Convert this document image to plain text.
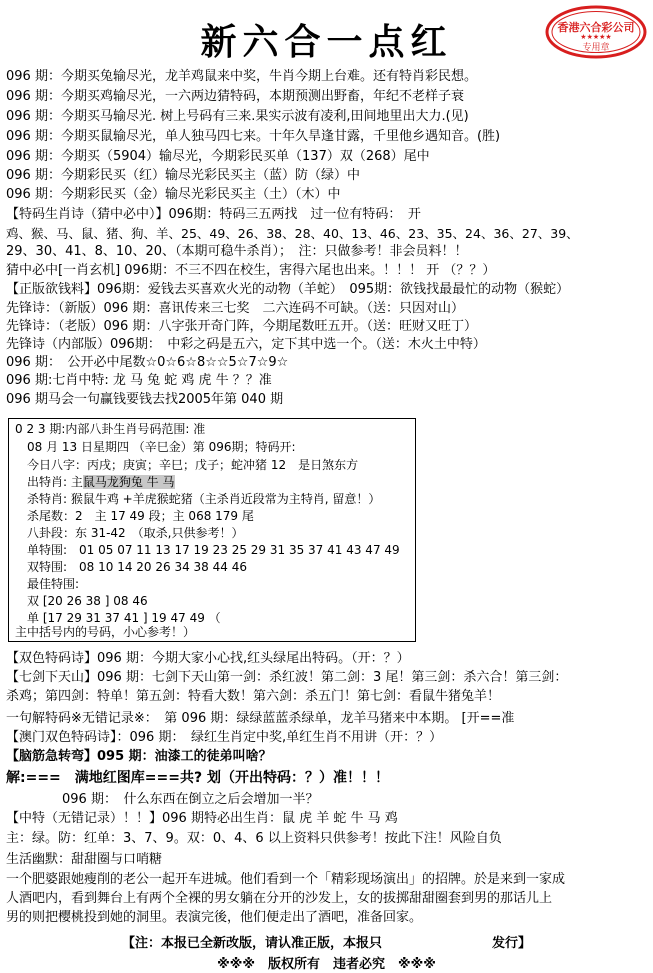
新六合一点红	香港六合彩公司
★★★★★
专用章
096 期：今期买兔输尽光，龙羊鸡鼠来中奖，牛肖今期上台难。还有特肖彩民想。
096 期：今期买鸡输尽光，一六两边猜特码，本期预测出野畜，年纪不老样子衰
096 期：今期买马输尽光. 树上号码有三来.果实示波有凌利,田间地里出大力.(见)
096 期：今期买鼠输尽光，单人独马四七来。十年久旱逢甘露，千里他乡遇知音。(胜)
096 期：今期买（5904）输尽光，今期彩民买单（137）双（268）尾中
096 期：今期彩民买（红）输尽光彩民买主（蓝）防（绿）中
096 期：今期彩民买（金）输尽光彩民买主（土）（木）中
【特码生肖诗（猜中必中）】096期：特码三五两找　过一位有特码：　开
鸡、猴、马、鼠、猪、狗、羊、25、49、26、38、28、40、13、46、23、35、24、36、27、39、
29、30、41、8、10、20、（本期可稳牛杀肖）；　注：只做参考！非会员料！！
猜中必中[一肖玄机] 096期：不三不四在校生，害得六尾也出来。！！！ 开 （？？）
【正版欲钱料】096期：爱钱去买喜欢火光的动物（羊蛇）　095期：欲钱找最最忙的动物（猴蛇）
先锋诗：（新版）096 期：喜讯传来三七奖　二六连码不可缺。（送：只因对山）
先锋诗：（老版）096 期：八字张开奇门阵，今期尾数旺五开。（送：旺财又旺丁）
先锋诗（内部版）096期：　中彩之码是五六，定下其中选一个。（送：木火土中特）
096 期：　公开必中尾数☆0☆6☆8☆☆5☆7☆9☆
096 期:七肖中特: 龙 马 兔 蛇 鸡 虎 牛 ？？准
096 期马会一句赢钱要钱去找2005年第 040 期
0 2 3 期:内部八卦生肖号码范围: 准
08 月 13 日星期四 （辛巳金）第 096期；特码开:
今日八字：丙戌；庚寅；辛巳；戊子；蛇冲猪 12　是日煞东方
出特肖: 主鼠马龙狗兔 牛 马
杀特肖: 猴鼠牛鸡 +羊虎猴蛇猪（主杀肖近段常为主特肖, 留意！）
杀尾数：2　主 17 49 段；主 068 179 尾
八卦段：东 31-42　（取杀,只供参考！）
单特围:　01 05 07 11 13 17 19 23 25 29 31 35 37 41 43 47 49
双特围:　08 10 14 20 26 34 38 44 46
最佳特围:
双 [20 26 38 ] 08 46
单 [17 29 31 37 41 ] 19 47 49 （
主中括号内的号码，小心参考！）
【双色特码诗】096 期：今期大家小心找,红头绿尾出特码。（开：？）
【七剑下天山】096 期：七剑下天山第一剑：杀红波！第二剑：3 尾！第三剑：杀六合！第三剑：
杀鸡；第四剑：特单！第五剑：特看大数！第六剑：杀五门！第七剑：看鼠牛猪兔羊！
一句解特码※无错记录※：　第 096 期：绿绿蓝蓝杀绿单，龙羊马猪来中本期。 [开==准
【澳门双色特码诗】：096 期：　绿红生肖定中奖,单红生肖不用讲（开：？）
【脑筋急转弯】095 期：油漆工的徒弟叫啥？
解:===　满地红图库===共? 划（开出特码：？）准！！！
096 期：　什么东西在倒立之后会增加一半？
【中特（无错记录）！！】096 期特必出生肖：鼠 虎 羊 蛇 牛 马 鸡
主：绿。防：红单：3、7、9。双：0、4、6 以上资料只供参考！按此下注！风险自负
生活幽默：甜甜圈与口哨糖
一个肥婆跟她瘦削的老公一起开车进城。他们看到一个「精彩现场演出」的招牌。於是来到一家成
人酒吧内，看到舞台上有两个全裸的男女躺在分开的沙发上，女的拔掷甜甜圈套到男的那话儿上
男的则把樱桃投到她的洞里。表演完後，他们便走出了酒吧，准备回家。
【注：本报已全新改版，请认准正版，本报只	发行】
※※※　版权所有　违者必究　※※※
